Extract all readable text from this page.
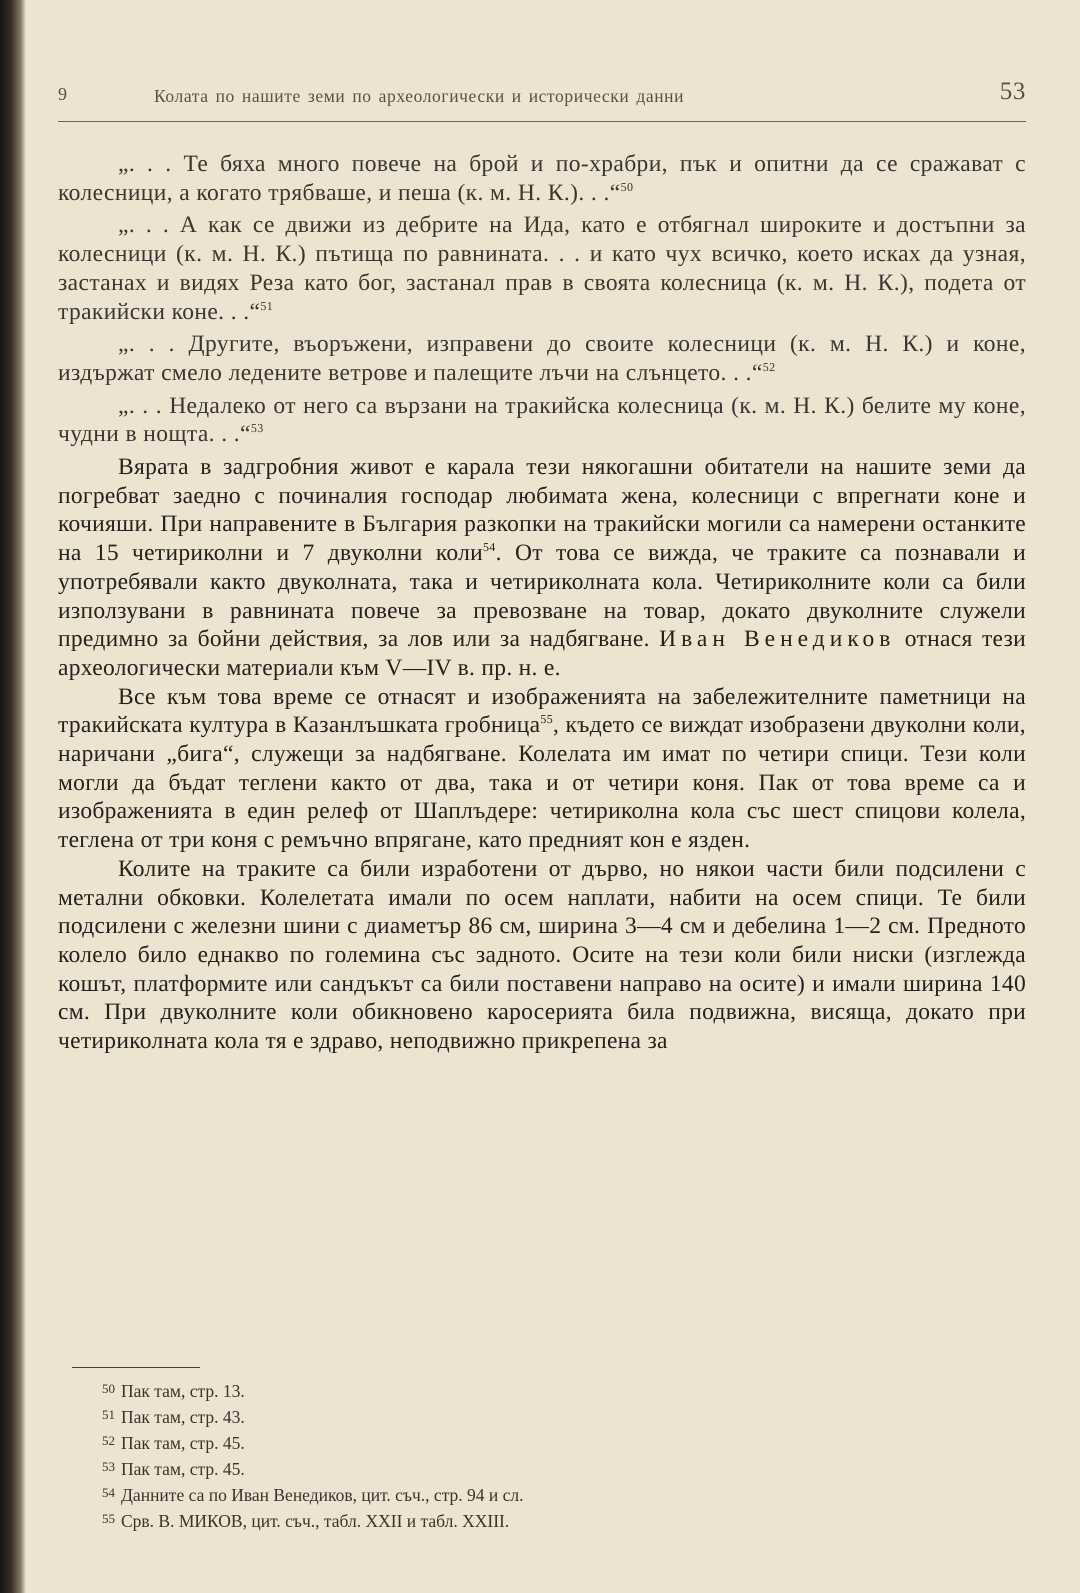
9	Колата по нашите земи по археологически и исторически данни	53

„. . . Те бяха много повече на брой и по-храбри, пък и опитни да се сражават с колесници, а когато трябваше, и пеша (к. м. Н. К.). . .“$^{50}$

„. . . А как се движи из дебрите на Ида, като е отбягнал широките и достъпни за колесници (к. м. Н. К.) пътища по равнината. . . и като чух всичко, което исках да узная, застанах и видях Реза като бог, застанал прав в своята колесница (к. м. Н. К.), подета от тракийски коне. . .“$^{51}$

„. . . Другите, въоръжени, изправени до своите колесници (к. м. Н. К.) и коне, издържат смело ледените ветрове и палещите лъчи на слънцето. . .“$^{52}$

„. . . Недалеко от него са вързани на тракийска колесница (к. м. Н. К.) белите му коне, чудни в нощта. . .“$^{53}$

Вярата в задгробния живот е карала тези някогашни обитатели на нашите земи да погребват заедно с починалия господар любимата жена, колесници с впрегнати коне и кочияши. При направените в България разкопки на тракийски могили са намерени останките на 15 четириколни и 7 двуколни коли$^{54}$. От това се вижда, че траките са познавали и употребявали както двуколната, така и четириколната кола. Четириколните коли са били използувани в равнината повече за превозване на товар, докато двуколните служели предимно за бойни действия, за лов или за надбягване. Иван Венедиков отнася тези археологически материали към V—IV в. пр. н. е.

Все към това време се отнасят и изображенията на забележителните паметници на тракийската култура в Казанлъшката гробница$^{55}$, където се виждат изобразени двуколни коли, наричани „бига“, служещи за надбягване. Колелата им имат по четири спици. Тези коли могли да бъдат теглени както от два, така и от четири коня. Пак от това време са и изображенията в един релеф от Шаплъдере: четириколна кола със шест спицови колела, теглена от три коня с ремъчно впрягане, като предният кон е язден.

Колите на траките са били изработени от дърво, но някои части били подсилени с метални обковки. Колелетата имали по осем наплати, набити на осем спици. Те били подсилени с железни шини с диаметър 86 см, ширина 3—4 см и дебелина 1—2 см. Предното колело било еднакво по големина със задното. Осите на тези коли били ниски (изглежда кошът, платформите или сандъкът са били поставени направо на осите) и имали ширина 140 см. При двуколните коли обикновено каросерията била подвижна, висяща, докато при четириколната кола тя е здраво, неподвижно прикрепена за

$^{50}$ Пак там, стр. 13.
$^{51}$ Пак там, стр. 43.
$^{52}$ Пак там, стр. 45.
$^{53}$ Пак там, стр. 45.
$^{54}$ Данните са по Иван Венедиков, цит. съч., стр. 94 и сл.
$^{55}$ Срв. В. МИКОВ, цит. съч., табл. XXII и табл. XXIII.
